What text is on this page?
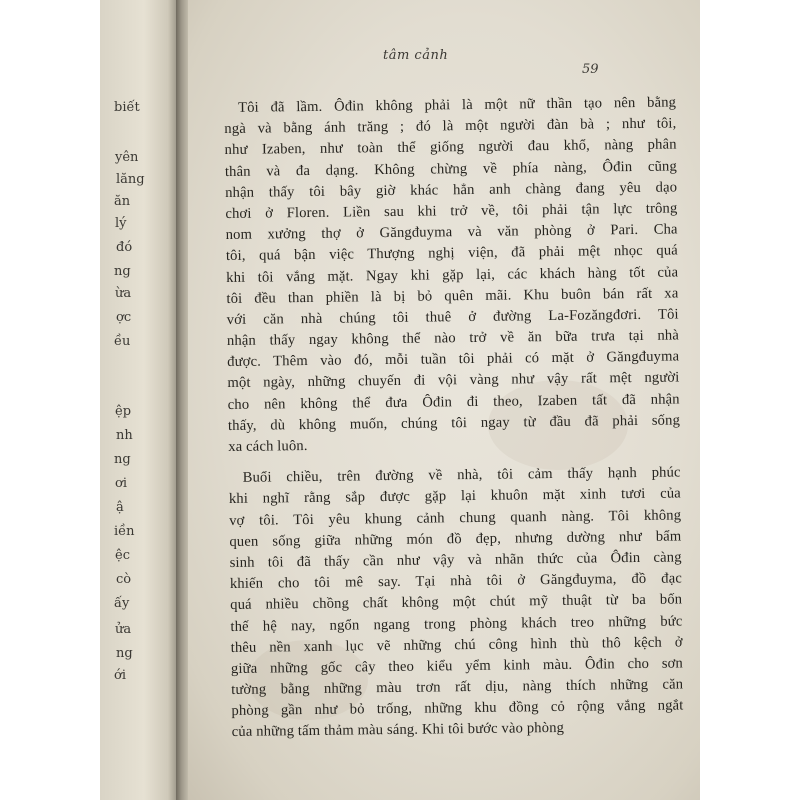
biết
yên
lăng
ăn
lý
đó
ng
ừa
ợc
ều
ệp
nh
ng
ơi
ậ
iền
ệc
cò
ấy
ửa
ng
ới
tâm cảnh
59
Tôi đã lầm. Ôđin không phải là một nữ thần tạo nên bằng
ngà và bằng ánh trăng ; đó là một người đàn bà ; như tôi,
như Izaben, như toàn thể giống người đau khổ, nàng phân
thân và đa dạng. Không chừng về phía nàng, Ôđin cũng
nhận thấy tôi bây giờ khác hẳn anh chàng đang yêu dạo
chơi ở Floren. Liền sau khi trở về, tôi phải tận lực trông
nom xưởng thợ ở Găngđuyma và văn phòng ở Pari. Cha
tôi, quá bận việc Thượng nghị viện, đã phải mệt nhọc quá
khi tôi vắng mặt. Ngay khi gặp lại, các khách hàng tốt của
tôi đều than phiền là bị bỏ quên mãi. Khu buôn bán rất xa
với căn nhà chúng tôi thuê ở đường La-Fozăngđơri. Tôi
nhận thấy ngay không thể nào trở về ăn bữa trưa tại nhà
được. Thêm vào đó, mỗi tuần tôi phải có mặt ở Găngđuyma
một ngày, những chuyến đi vội vàng như vậy rất mệt người
cho nên không thể đưa Ôđin đi theo, Izaben tất đã nhận
thấy, dù không muốn, chúng tôi ngay từ đầu đã phải sống
xa cách luôn.
Buổi chiều, trên đường về nhà, tôi cảm thấy hạnh phúc
khi nghĩ rằng sắp được gặp lại khuôn mặt xinh tươi của
vợ tôi. Tôi yêu khung cảnh chung quanh nàng. Tôi không
quen sống giữa những món đồ đẹp, nhưng dường như bẩm
sinh tôi đã thấy cần như vậy và nhãn thức của Ôđin càng
khiến cho tôi mê say. Tại nhà tôi ở Găngđuyma, đồ đạc
quá nhiều chồng chất không một chút mỹ thuật từ ba bốn
thế hệ nay, ngổn ngang trong phòng khách treo những bức
thêu nền xanh lục vẽ những chú công hình thù thô kệch ở
giữa những gốc cây theo kiểu yểm kinh màu. Ôđin cho sơn
tường bằng những màu trơn rất dịu, nàng thích những căn
phòng gần như bỏ trống, những khu đồng cỏ rộng vắng ngắt
của những tấm thảm màu sáng. Khi tôi bước vào phòng
